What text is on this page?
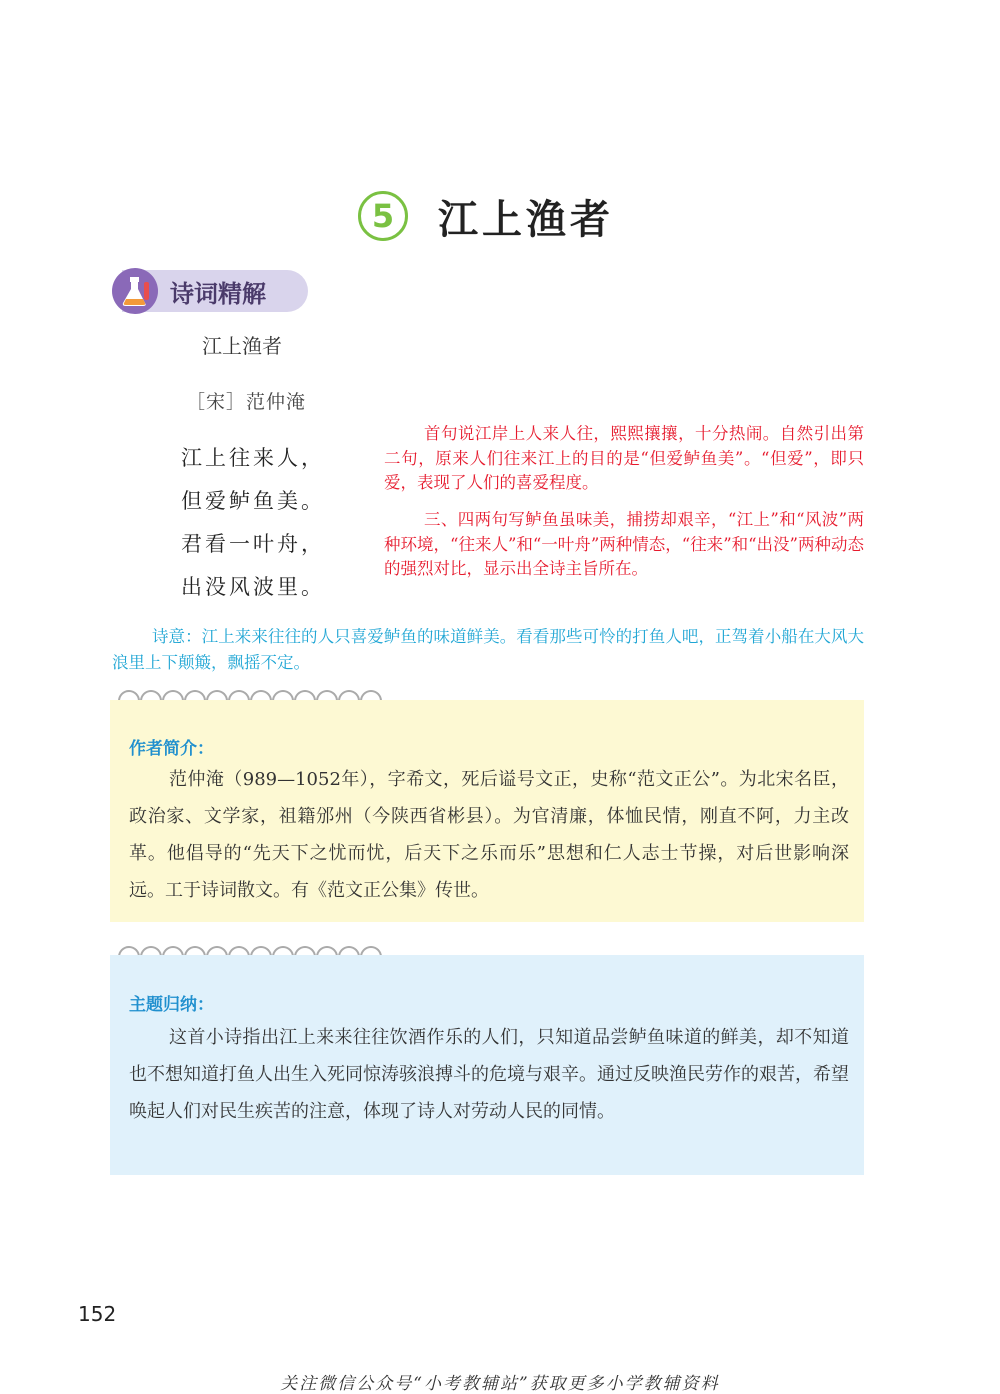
5	江上渔者
诗词精解
江上渔者
［宋］范仲淹
江上往来人，
但爱鲈鱼美。
君看一叶舟，
出没风波里。
首句说江岸上人来人往，熙熙攘攘，十分热闹。自然引出第二句，原来人们往来江上的目的是“但爱鲈鱼美”。“但爱”，即只爱，表现了人们的喜爱程度。
三、四两句写鲈鱼虽味美，捕捞却艰辛，“江上”和“风波”两种环境，“往来人”和“一叶舟”两种情态，“往来”和“出没”两种动态的强烈对比，显示出全诗主旨所在。
诗意：江上来来往往的人只喜爱鲈鱼的味道鲜美。看看那些可怜的打鱼人吧，正驾着小船在大风大浪里上下颠簸，飘摇不定。
作者简介：
范仲淹（989—1052年），字希文，死后谥号文正，史称“范文正公”。为北宋名臣，政治家、文学家，祖籍邠州（今陕西省彬县）。为官清廉，体恤民情，刚直不阿，力主改革。他倡导的“先天下之忧而忧，后天下之乐而乐”思想和仁人志士节操，对后世影响深远。工于诗词散文。有《范文正公集》传世。
主题归纳：
这首小诗指出江上来来往往饮酒作乐的人们，只知道品尝鲈鱼味道的鲜美，却不知道也不想知道打鱼人出生入死同惊涛骇浪搏斗的危境与艰辛。通过反映渔民劳作的艰苦，希望唤起人们对民生疾苦的注意，体现了诗人对劳动人民的同情。
152
关注微信公众号“小考教辅站”获取更多小学教辅资料
